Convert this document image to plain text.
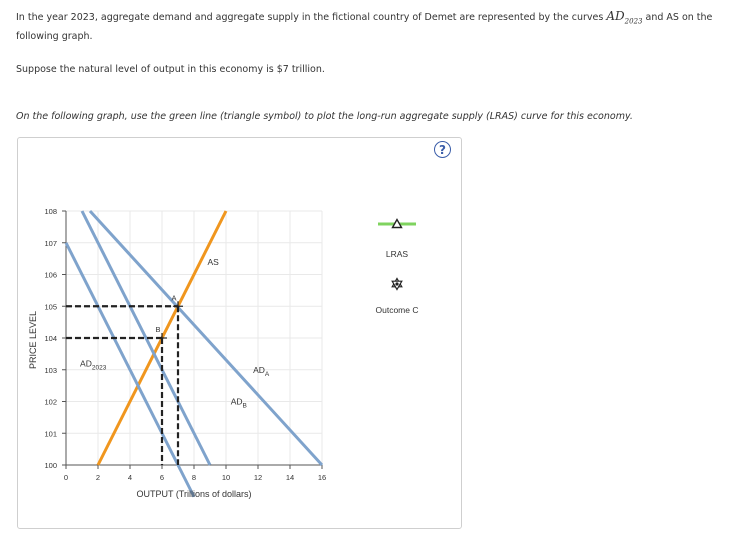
In the year 2023, aggregate demand and aggregate supply in the fictional country of Demet are represented by the curves $AD_{2023}$ and AS on the following graph.
Suppose the natural level of output in this economy is $7 trillion.
On the following graph, use the green line (triangle symbol) to plot the long-run aggregate supply (LRAS) curve for this economy.
?
0	2	4	6	8	10	12	14	16
100
101
102
103
104
105
106
107
108
A
B
AS
$AD_{2023}$	$AD_A$
$AD_B$
PRICE LEVEL
OUTPUT (Trillions of dollars)
LRAS
Outcome C
